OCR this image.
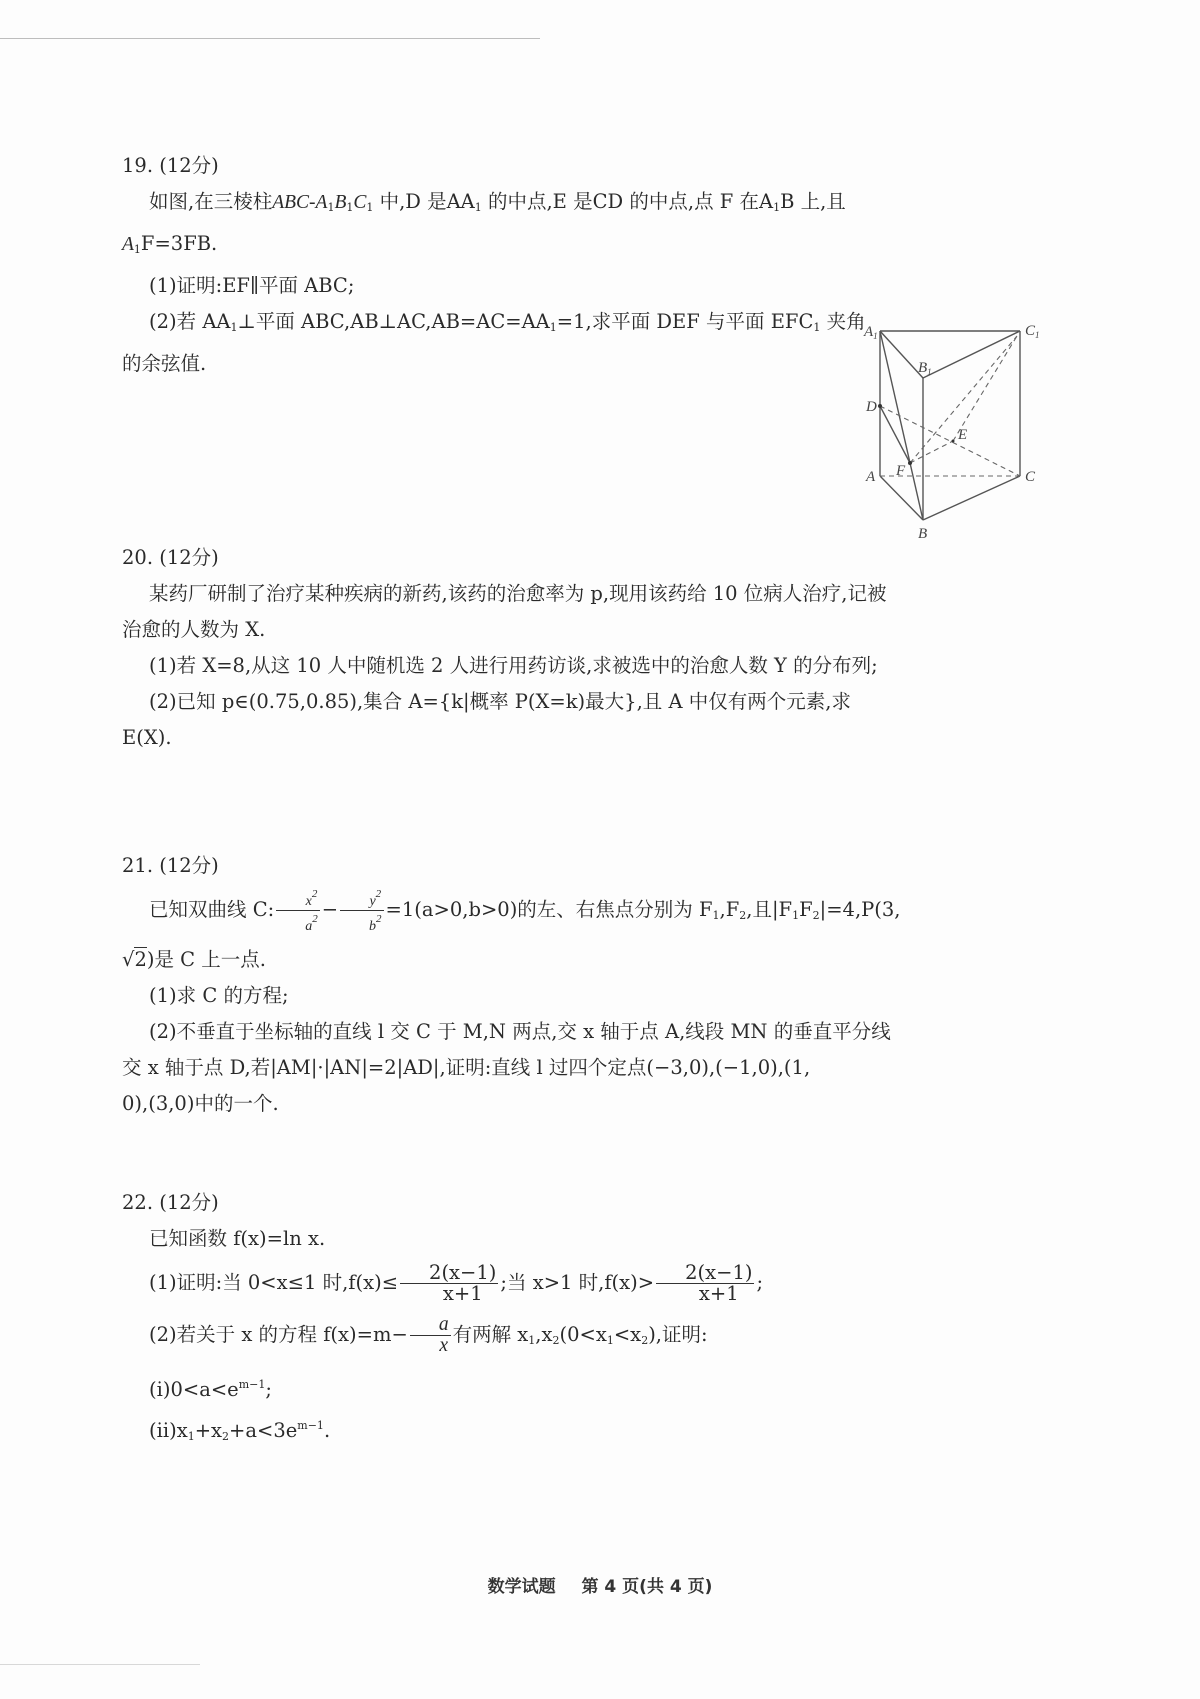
19. (12分)
如图,在三棱柱ABC-$A_1B_1C_1$ 中,D 是$AA_1$ 的中点,E 是CD 的中点,点 F 在$A_1B$ 上,且
$A_1F=3FB$.
(1)证明:EF∥平面 ABC;
(2)若 $AA_1\perp$平面 $ABC,AB\perp AC,AB=AC=AA_1=1$,求平面 DEF 与平面 $EFC_1$ 夹角
的余弦值.
$A_1$
$B_1$
$C_1$
D
E
F
A	C
B
20. (12分)
某药厂研制了治疗某种疾病的新药,该药的治愈率为 p,现用该药给 10 位病人治疗,记被
治愈的人数为 X.
(1)若 X=8,从这 10 人中随机选 2 人进行用药访谈,求被选中的治愈人数 Y 的分布列;
(2)已知 p∈(0.75,0.85),集合 A={k|概率 P(X=k)最大},且 A 中仅有两个元素,求
E(X).
21. (12分)
已知双曲线 C: $\frac{x^2}{a^2} - \frac{y^2}{b^2} =1(a>0,b>0)$的左、右焦点分别为 $F_1,F_2$,且$|F_1F_2|=4,P(3$,
√2)是 C 上一点.
(1)求 C 的方程;
(2)不垂直于坐标轴的直线 l 交 C 于 M,N 两点,交 x 轴于点 A,线段 MN 的垂直平分线
交 x 轴于点 D,若|AM|·|AN|=2|AD|,证明:直线 l 过四个定点(−3,0),(−1,0),(1,
0),(3,0)中的一个.
22. (12分)
已知函数 f(x)=ln x.
(1)证明:当 0<x≤1 时$,f(x)\le \frac{2(x-1)}{x+1}$ ;当 x>1 时$,f(x)> \frac{2(x-1)}{x+1}$ ;
(2)若关于 x 的方程 $f(x)=m- \frac{a}{x}$ 有两解 $x_1,x_2(0<x_1<x_2)$,证明:
$(ⅰ)0<a<e^{m-1}$;
$(ⅱ)x_1+x_2+a<3e^{m-1}$.
数学试题 第 4 页(共 4 页)
